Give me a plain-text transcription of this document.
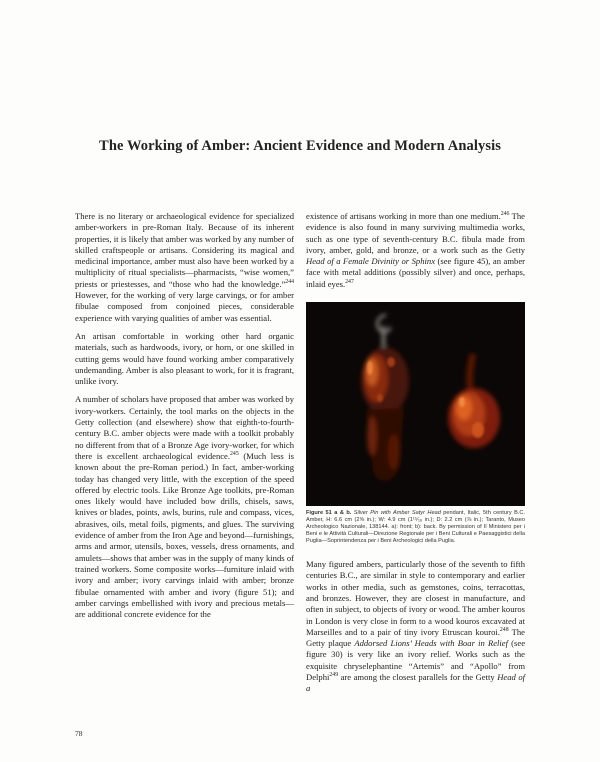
The Working of Amber: Ancient Evidence and Modern Analysis

There is no literary or archaeological evidence for specialized amber-workers in pre-Roman Italy. Because of its inherent properties, it is likely that amber was worked by any number of skilled craftspeople or artisans. Considering its magical and medicinal importance, amber must also have been worked by a multiplicity of ritual specialists—pharmacists, “wise women,” priests or priestesses, and “those who had the knowledge.”$^{244}$ However, for the working of very large carvings, or for amber fibulae composed from conjoined pieces, considerable experience with varying qualities of amber was essential.

An artisan comfortable in working other hard organic materials, such as hardwoods, ivory, or horn, or one skilled in cutting gems would have found working amber comparatively undemanding. Amber is also pleasant to work, for it is fragrant, unlike ivory.

A number of scholars have proposed that amber was worked by ivory-workers. Certainly, the tool marks on the objects in the Getty collection (and elsewhere) show that eighth-to-fourth-century B.C. amber objects were made with a toolkit probably no different from that of a Bronze Age ivory-worker, for which there is excellent archaeological evidence.$^{245}$ (Much less is known about the pre-Roman period.) In fact, amber-working today has changed very little, with the exception of the speed offered by electric tools. Like Bronze Age toolkits, pre-Roman ones likely would have included bow drills, chisels, saws, knives or blades, points, awls, burins, rule and compass, vices, abrasives, oils, metal foils, pigments, and glues. The surviving evidence of amber from the Iron Age and beyond—furnishings, arms and armor, utensils, boxes, vessels, dress ornaments, and amulets—shows that amber was in the supply of many kinds of trained workers. Some composite works—furniture inlaid with ivory and amber; ivory carvings inlaid with amber; bronze fibulae ornamented with amber and ivory (figure 51); and amber carvings embellished with ivory and precious metals—are additional concrete evidence for the

existence of artisans working in more than one medium.$^{246}$ The evidence is also found in many surviving multimedia works, such as one type of seventh-century B.C. fibula made from ivory, amber, gold, and bronze, or a work such as the Getty Head of a Female Divinity or Sphinx (see figure 45), an amber face with metal additions (possibly silver) and once, perhaps, inlaid eyes.$^{247}$

Figure 51 a & b. Silver Pin with Amber Satyr Head pendant, Italic, 5th century B.C. Amber, H: 6.6 cm (2⅝ in.); W: 4.9 cm (1¹⁵⁄₁₆ in.); D: 2.2 cm (⅞ in.); Taranto, Museo Archeologico Nazionale, 138144. a): front; b): back. By permission of Il Ministero per i Beni e le Attività Culturali—Direzione Regionale per i Beni Culturali e Paesaggistici della Puglia—Soprintendenza per i Beni Archeologici della Puglia.

Many figured ambers, particularly those of the seventh to fifth centuries B.C., are similar in style to contemporary and earlier works in other media, such as gemstones, coins, terracottas, and bronzes. However, they are closest in manufacture, and often in subject, to objects of ivory or wood. The amber kouros in London is very close in form to a wood kouros excavated at Marseilles and to a pair of tiny ivory Etruscan kouroi.$^{248}$ The Getty plaque Addorsed Lions’ Heads with Boar in Relief (see figure 30) is very like an ivory relief. Works such as the exquisite chryselephantine “Artemis” and “Apollo” from Delphi$^{249}$ are among the closest parallels for the Getty Head of a

78
